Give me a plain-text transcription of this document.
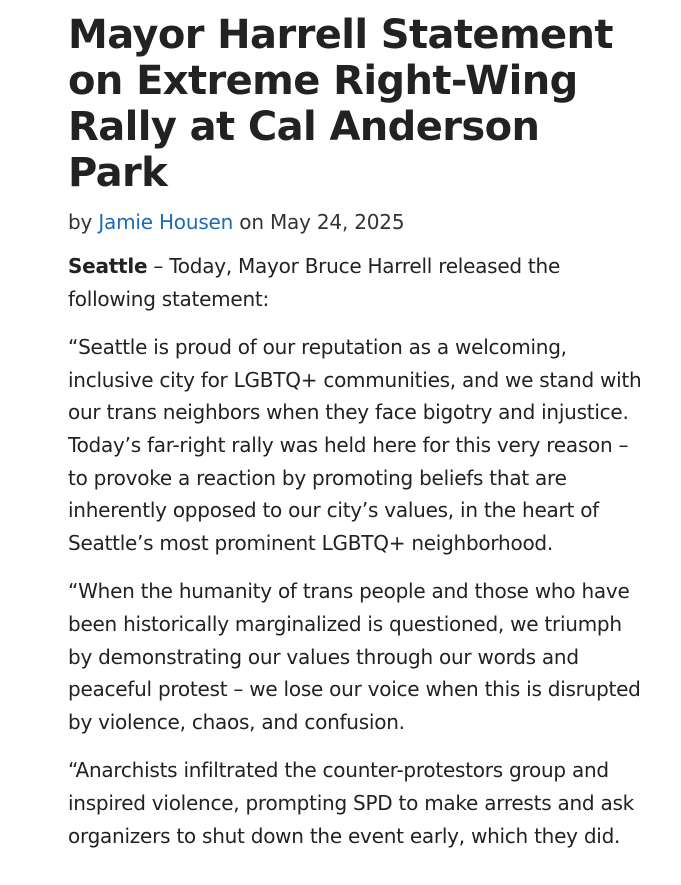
Mayor Harrell Statement on Extreme Right-Wing Rally at Cal Anderson Park
by Jamie Housen on May 24, 2025

Seattle – Today, Mayor Bruce Harrell released the following statement:

“Seattle is proud of our reputation as a welcoming, inclusive city for LGBTQ+ communities, and we stand with our trans neighbors when they face bigotry and injustice. Today’s far-right rally was held here for this very reason – to provoke a reaction by promoting beliefs that are inherently opposed to our city’s values, in the heart of Seattle’s most prominent LGBTQ+ neighborhood.

“When the humanity of trans people and those who have been historically marginalized is questioned, we triumph by demonstrating our values through our words and peaceful protest – we lose our voice when this is disrupted by violence, chaos, and confusion.

“Anarchists infiltrated the counter-protestors group and inspired violence, prompting SPD to make arrests and ask organizers to shut down the event early, which they did.
